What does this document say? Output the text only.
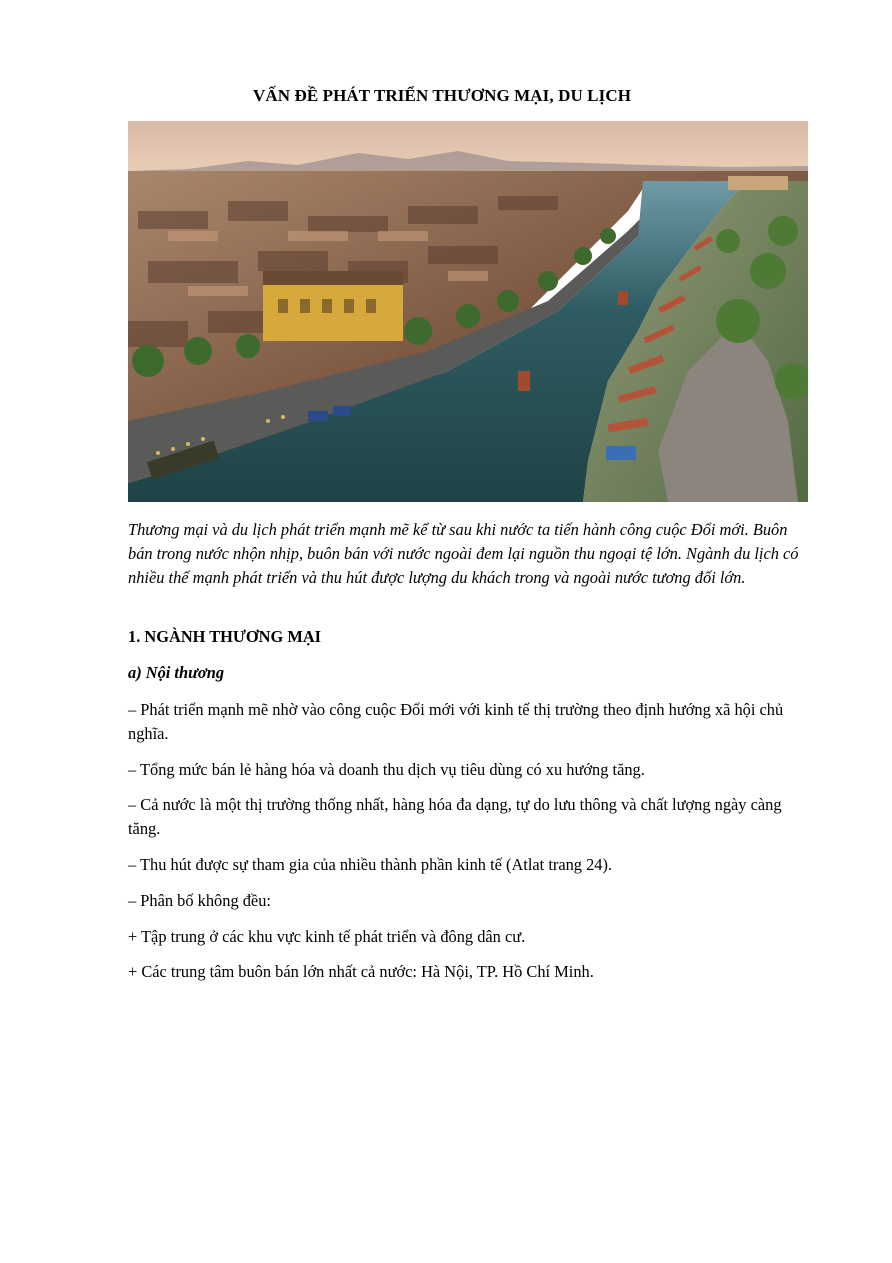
VẤN ĐỀ PHÁT TRIỂN THƯƠNG MẠI, DU LỊCH

Thương mại và du lịch phát triển mạnh mẽ kể từ sau khi nước ta tiến hành công cuộc Đổi mới. Buôn bán trong nước nhộn nhịp, buôn bán với nước ngoài đem lại nguồn thu ngoại tệ lớn. Ngành du lịch có nhiều thế mạnh phát triển và thu hút được lượng du khách trong và ngoài nước tương đối lớn.

1. NGÀNH THƯƠNG MẠI
a) Nội thương

– Phát triển mạnh mẽ nhờ vào công cuộc Đổi mới với kinh tế thị trường theo định hướng xã hội chủ nghĩa.

– Tổng mức bán lẻ hàng hóa và doanh thu dịch vụ tiêu dùng có xu hướng tăng.

– Cả nước là một thị trường thống nhất, hàng hóa đa dạng, tự do lưu thông và chất lượng ngày càng tăng.

– Thu hút được sự tham gia của nhiều thành phần kinh tế (Atlat trang 24).

– Phân bố không đều:

+ Tập trung ở các khu vực kinh tế phát triển và đông dân cư.

+ Các trung tâm buôn bán lớn nhất cả nước: Hà Nội, TP. Hồ Chí Minh.
